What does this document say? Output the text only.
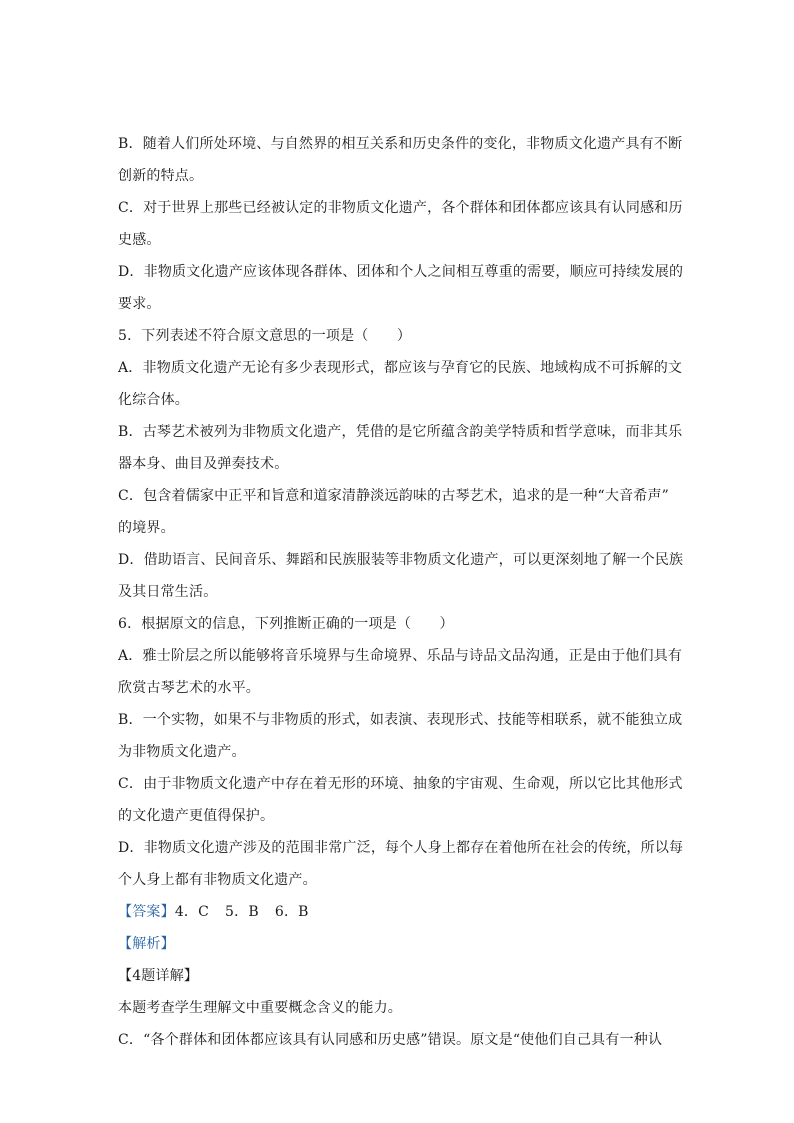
B．随着人们所处环境、与自然界的相互关系和历史条件的变化，非物质文化遗产具有不断
创新的特点。
C．对于世界上那些已经被认定的非物质文化遗产，各个群体和团体都应该具有认同感和历
史感。
D．非物质文化遗产应该体现各群体、团体和个人之间相互尊重的需要，顺应可持续发展的
要求。
5．下列表述不符合原文意思的一项是（　　）
A．非物质文化遗产无论有多少表现形式，都应该与孕育它的民族、地域构成不可拆解的文
化综合体。
B．古琴艺术被列为非物质文化遗产，凭借的是它所蕴含韵美学特质和哲学意味，而非其乐
器本身、曲目及弹奏技术。
C．包含着儒家中正平和旨意和道家清静淡远韵味的古琴艺术，追求的是一种“大音希声”
的境界。
D．借助语言、民间音乐、舞蹈和民族服装等非物质文化遗产，可以更深刻地了解一个民族
及其日常生活。
6．根据原文的信息，下列推断正确的一项是（　　）
A．雅士阶层之所以能够将音乐境界与生命境界、乐品与诗品文品沟通，正是由于他们具有
欣赏古琴艺术的水平。
B．一个实物，如果不与非物质的形式，如表演、表现形式、技能等相联系，就不能独立成
为非物质文化遗产。
C．由于非物质文化遗产中存在着无形的环境、抽象的宇宙观、生命观，所以它比其他形式
的文化遗产更值得保护。
D．非物质文化遗产涉及的范围非常广泛，每个人身上都存在着他所在社会的传统，所以每
个人身上都有非物质文化遗产。
【答案】4．C 5．B 6．B
【解析】
【4题详解】
本题考查学生理解文中重要概念含义的能力。
C．“各个群体和团体都应该具有认同感和历史感”错误。原文是“使他们自己具有一种认
